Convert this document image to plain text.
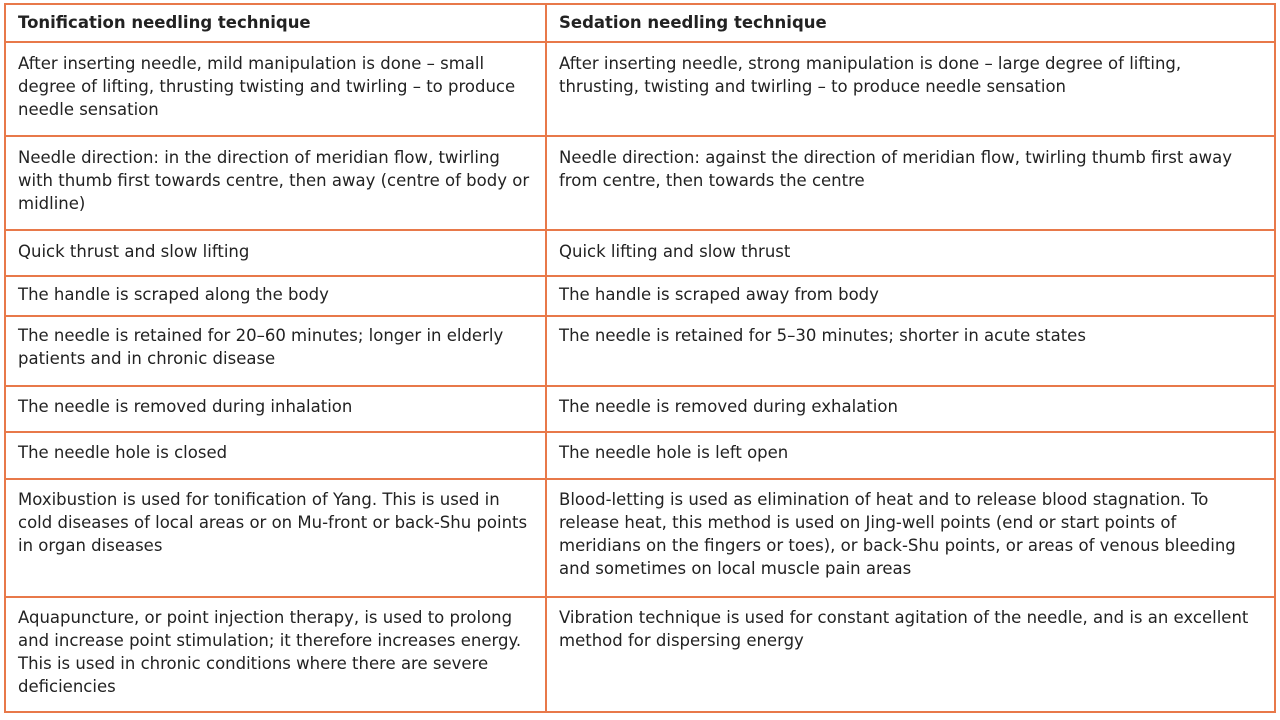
Tonification needling technique	Sedation needling technique
After inserting needle, mild manipulation is done – small degree of lifting, thrusting twisting and twirling – to produce needle sensation	After inserting needle, strong manipulation is done – large degree of lifting, thrusting, twisting and twirling – to produce needle sensation
Needle direction: in the direction of meridian flow, twirling with thumb first towards centre, then away (centre of body or midline)	Needle direction: against the direction of meridian flow, twirling thumb first away from centre, then towards the centre
Quick thrust and slow lifting	Quick lifting and slow thrust
The handle is scraped along the body	The handle is scraped away from body
The needle is retained for 20–60 minutes; longer in elderly patients and in chronic disease	The needle is retained for 5–30 minutes; shorter in acute states
The needle is removed during inhalation	The needle is removed during exhalation
The needle hole is closed	The needle hole is left open
Moxibustion is used for tonification of Yang. This is used in cold diseases of local areas or on Mu-front or back-Shu points in organ diseases	Blood-letting is used as elimination of heat and to release blood stagnation. To release heat, this method is used on Jing-well points (end or start points of meridians on the fingers or toes), or back-Shu points, or areas of venous bleeding and sometimes on local muscle pain areas
Aquapuncture, or point injection therapy, is used to prolong and increase point stimulation; it therefore increases energy. This is used in chronic conditions where there are severe deficiencies	Vibration technique is used for constant agitation of the needle, and is an excellent method for dispersing energy
